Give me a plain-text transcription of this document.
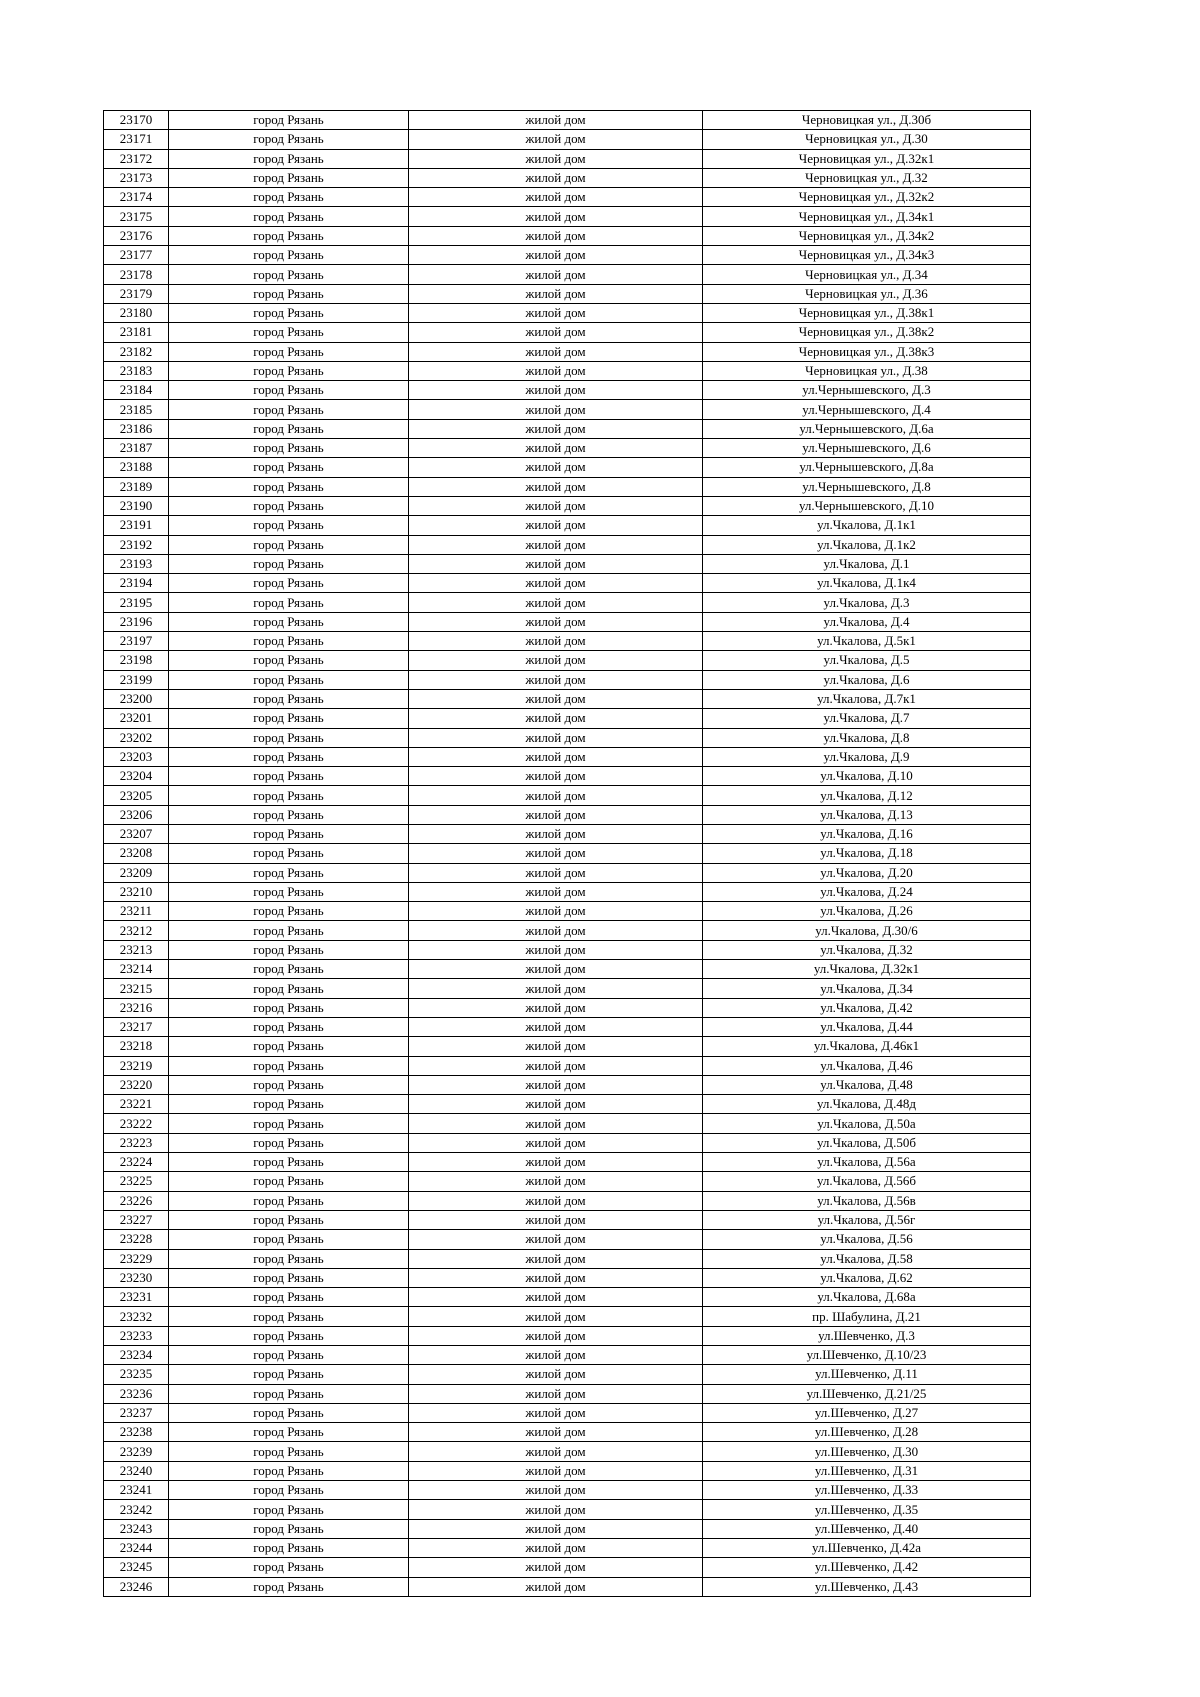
23170	город Рязань	жилой дом	Черновицкая ул., Д.30б
23171	город Рязань	жилой дом	Черновицкая ул., Д.30
23172	город Рязань	жилой дом	Черновицкая ул., Д.32к1
23173	город Рязань	жилой дом	Черновицкая ул., Д.32
23174	город Рязань	жилой дом	Черновицкая ул., Д.32к2
23175	город Рязань	жилой дом	Черновицкая ул., Д.34к1
23176	город Рязань	жилой дом	Черновицкая ул., Д.34к2
23177	город Рязань	жилой дом	Черновицкая ул., Д.34к3
23178	город Рязань	жилой дом	Черновицкая ул., Д.34
23179	город Рязань	жилой дом	Черновицкая ул., Д.36
23180	город Рязань	жилой дом	Черновицкая ул., Д.38к1
23181	город Рязань	жилой дом	Черновицкая ул., Д.38к2
23182	город Рязань	жилой дом	Черновицкая ул., Д.38к3
23183	город Рязань	жилой дом	Черновицкая ул., Д.38
23184	город Рязань	жилой дом	ул.Чернышевского, Д.3
23185	город Рязань	жилой дом	ул.Чернышевского, Д.4
23186	город Рязань	жилой дом	ул.Чернышевского, Д.6а
23187	город Рязань	жилой дом	ул.Чернышевского, Д.6
23188	город Рязань	жилой дом	ул.Чернышевского, Д.8а
23189	город Рязань	жилой дом	ул.Чернышевского, Д.8
23190	город Рязань	жилой дом	ул.Чернышевского, Д.10
23191	город Рязань	жилой дом	ул.Чкалова, Д.1к1
23192	город Рязань	жилой дом	ул.Чкалова, Д.1к2
23193	город Рязань	жилой дом	ул.Чкалова, Д.1
23194	город Рязань	жилой дом	ул.Чкалова, Д.1к4
23195	город Рязань	жилой дом	ул.Чкалова, Д.3
23196	город Рязань	жилой дом	ул.Чкалова, Д.4
23197	город Рязань	жилой дом	ул.Чкалова, Д.5к1
23198	город Рязань	жилой дом	ул.Чкалова, Д.5
23199	город Рязань	жилой дом	ул.Чкалова, Д.6
23200	город Рязань	жилой дом	ул.Чкалова, Д.7к1
23201	город Рязань	жилой дом	ул.Чкалова, Д.7
23202	город Рязань	жилой дом	ул.Чкалова, Д.8
23203	город Рязань	жилой дом	ул.Чкалова, Д.9
23204	город Рязань	жилой дом	ул.Чкалова, Д.10
23205	город Рязань	жилой дом	ул.Чкалова, Д.12
23206	город Рязань	жилой дом	ул.Чкалова, Д.13
23207	город Рязань	жилой дом	ул.Чкалова, Д.16
23208	город Рязань	жилой дом	ул.Чкалова, Д.18
23209	город Рязань	жилой дом	ул.Чкалова, Д.20
23210	город Рязань	жилой дом	ул.Чкалова, Д.24
23211	город Рязань	жилой дом	ул.Чкалова, Д.26
23212	город Рязань	жилой дом	ул.Чкалова, Д.30/6
23213	город Рязань	жилой дом	ул.Чкалова, Д.32
23214	город Рязань	жилой дом	ул.Чкалова, Д.32к1
23215	город Рязань	жилой дом	ул.Чкалова, Д.34
23216	город Рязань	жилой дом	ул.Чкалова, Д.42
23217	город Рязань	жилой дом	ул.Чкалова, Д.44
23218	город Рязань	жилой дом	ул.Чкалова, Д.46к1
23219	город Рязань	жилой дом	ул.Чкалова, Д.46
23220	город Рязань	жилой дом	ул.Чкалова, Д.48
23221	город Рязань	жилой дом	ул.Чкалова, Д.48д
23222	город Рязань	жилой дом	ул.Чкалова, Д.50а
23223	город Рязань	жилой дом	ул.Чкалова, Д.50б
23224	город Рязань	жилой дом	ул.Чкалова, Д.56а
23225	город Рязань	жилой дом	ул.Чкалова, Д.56б
23226	город Рязань	жилой дом	ул.Чкалова, Д.56в
23227	город Рязань	жилой дом	ул.Чкалова, Д.56г
23228	город Рязань	жилой дом	ул.Чкалова, Д.56
23229	город Рязань	жилой дом	ул.Чкалова, Д.58
23230	город Рязань	жилой дом	ул.Чкалова, Д.62
23231	город Рязань	жилой дом	ул.Чкалова, Д.68а
23232	город Рязань	жилой дом	пр. Шабулина, Д.21
23233	город Рязань	жилой дом	ул.Шевченко, Д.3
23234	город Рязань	жилой дом	ул.Шевченко, Д.10/23
23235	город Рязань	жилой дом	ул.Шевченко, Д.11
23236	город Рязань	жилой дом	ул.Шевченко, Д.21/25
23237	город Рязань	жилой дом	ул.Шевченко, Д.27
23238	город Рязань	жилой дом	ул.Шевченко, Д.28
23239	город Рязань	жилой дом	ул.Шевченко, Д.30
23240	город Рязань	жилой дом	ул.Шевченко, Д.31
23241	город Рязань	жилой дом	ул.Шевченко, Д.33
23242	город Рязань	жилой дом	ул.Шевченко, Д.35
23243	город Рязань	жилой дом	ул.Шевченко, Д.40
23244	город Рязань	жилой дом	ул.Шевченко, Д.42а
23245	город Рязань	жилой дом	ул.Шевченко, Д.42
23246	город Рязань	жилой дом	ул.Шевченко, Д.43
